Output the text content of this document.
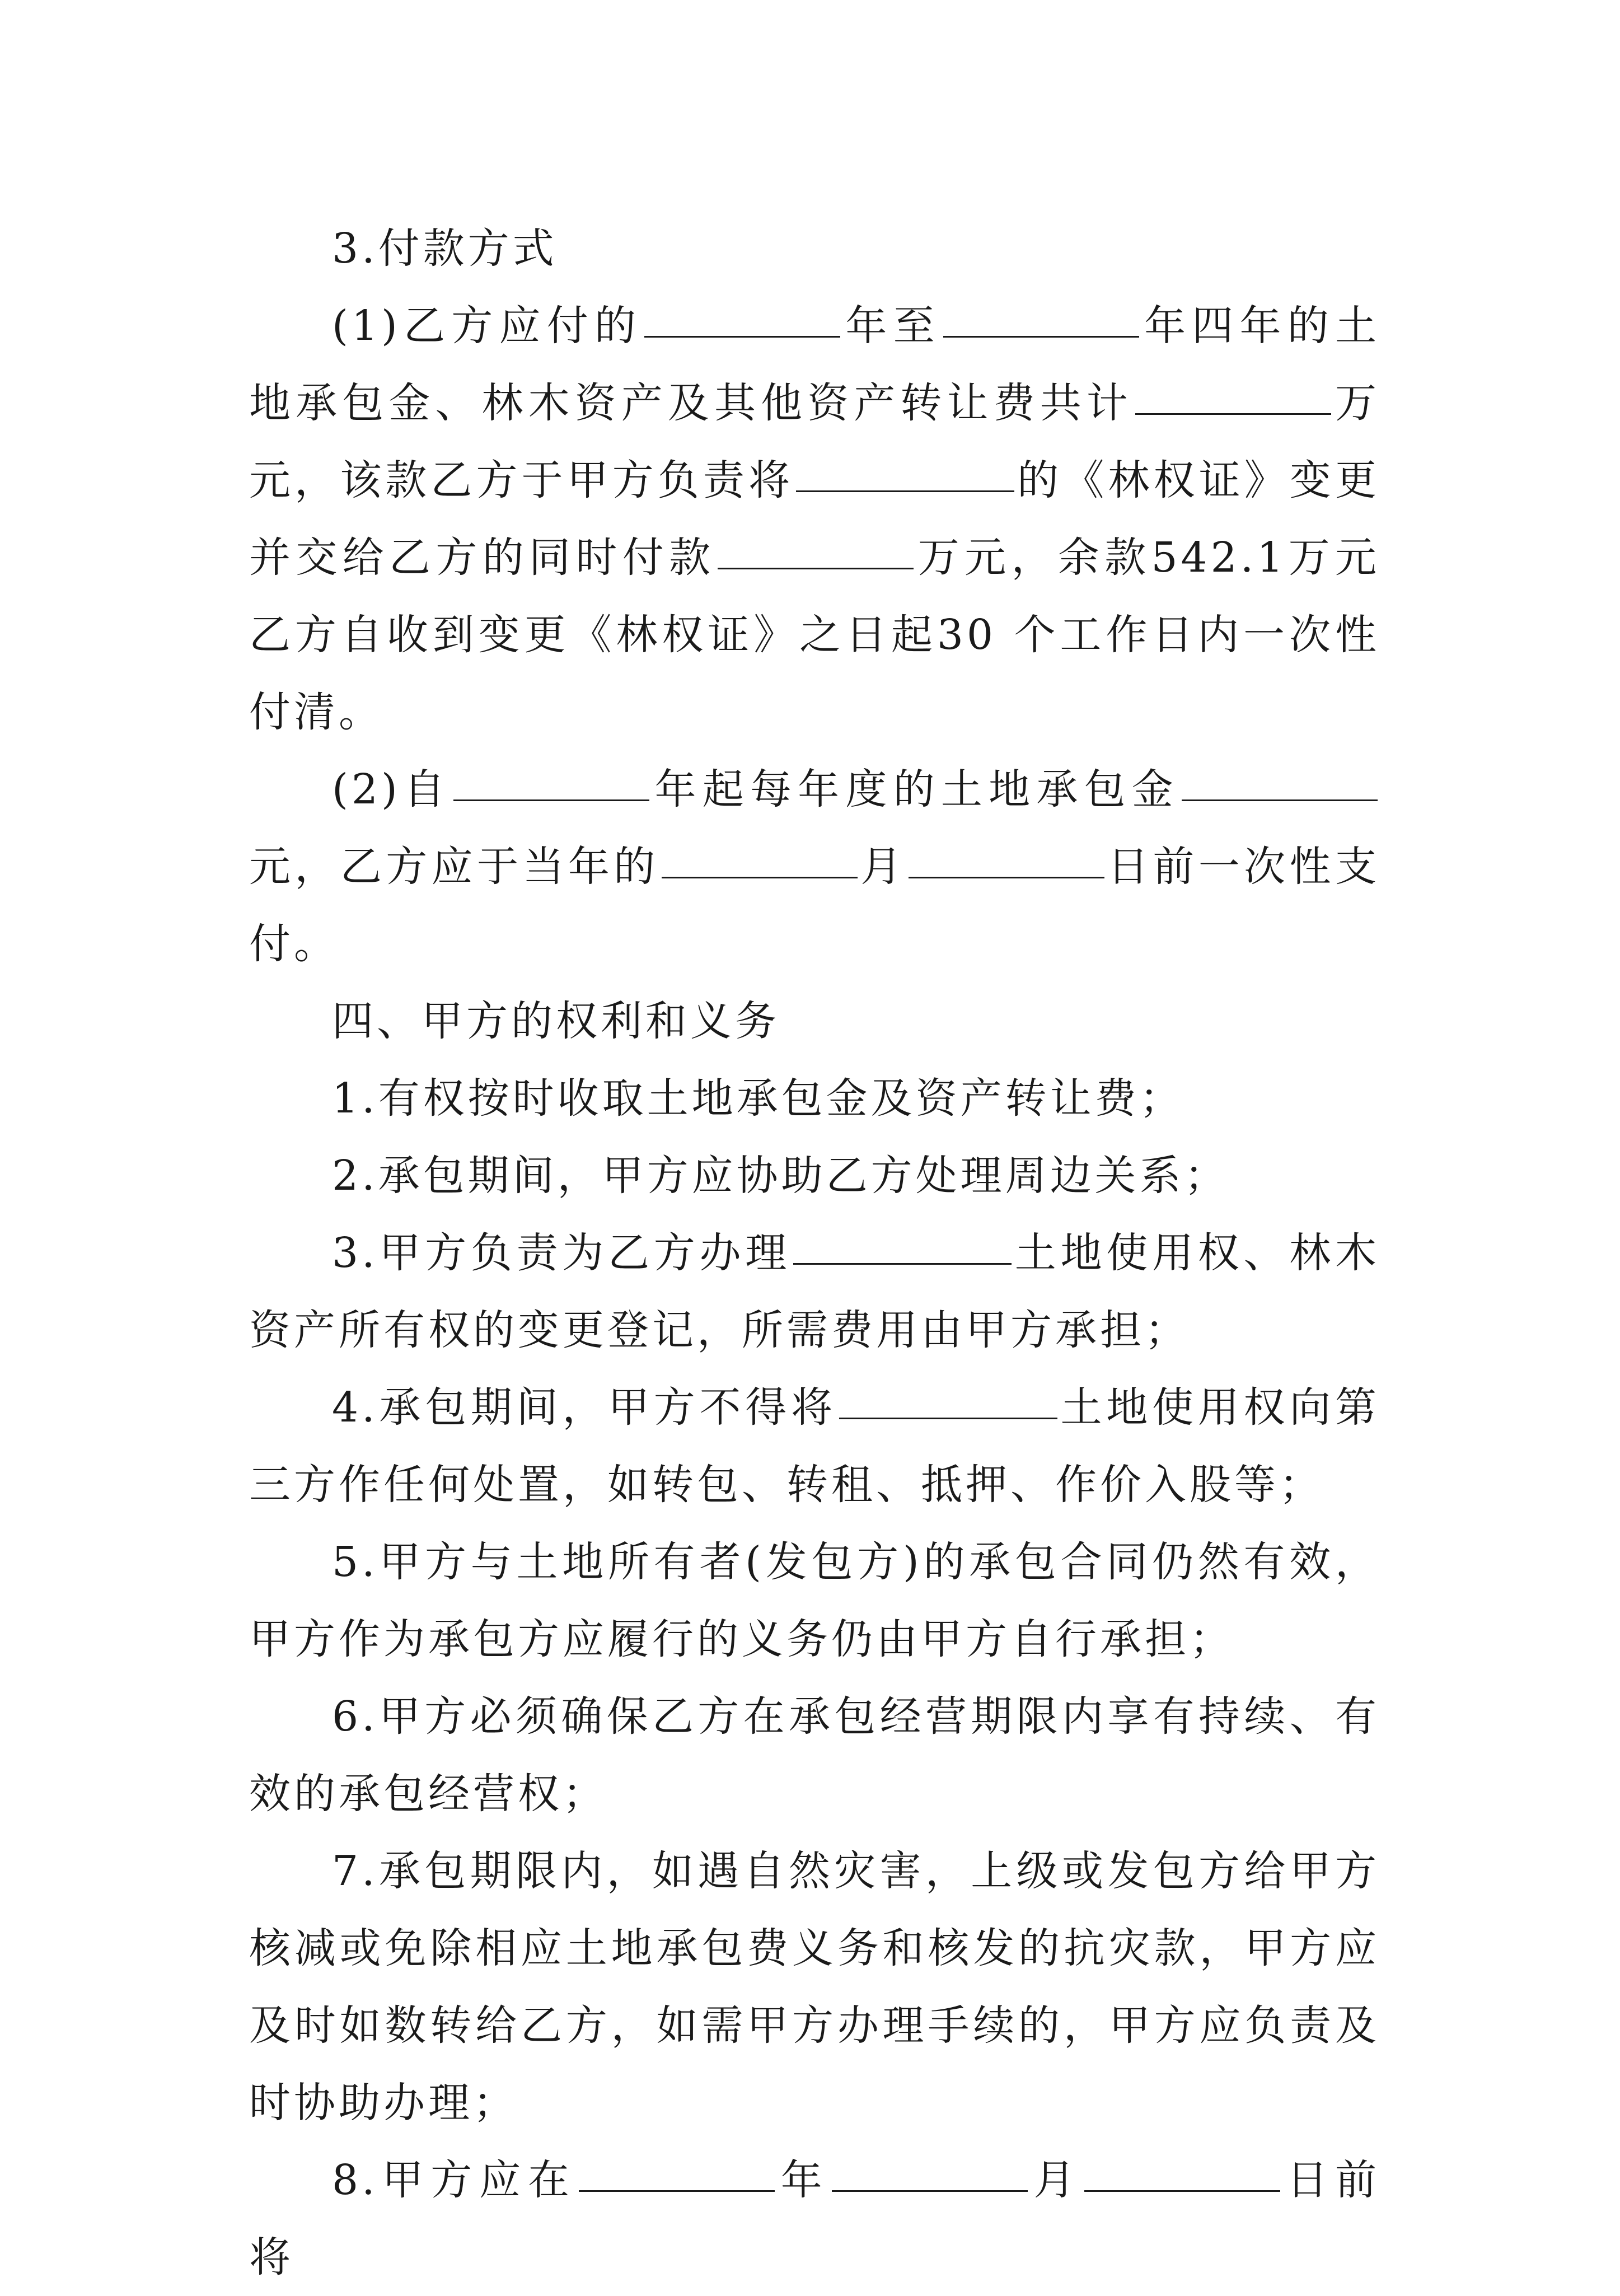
3.付款方式

(1)乙方应付的	年至	年四年的土地承包金、林木资产及其他资产转让费共计	万元，该款乙方于甲方负责将	的《林权证》变更并交给乙方的同时付款	万元，余款542.1万元乙方自收到变更《林权证》之日起30 个工作日内一次性付清。

(2)自	年起每年度的土地承包金元，乙方应于当年的	月	日前一次性支付。

四、甲方的权利和义务

1.有权按时收取土地承包金及资产转让费；

2.承包期间，甲方应协助乙方处理周边关系；

3.甲方负责为乙方办理	土地使用权、林木资产所有权的变更登记，所需费用由甲方承担；

4.承包期间，甲方不得将	土地使用权向第三方作任何处置，如转包、转租、抵押、作价入股等；

5.甲方与土地所有者(发包方)的承包合同仍然有效，甲方作为承包方应履行的义务仍由甲方自行承担；

6.甲方必须确保乙方在承包经营期限内享有持续、有效的承包经营权；

7.承包期限内，如遇自然灾害，上级或发包方给甲方核减或免除相应土地承包费义务和核发的抗灾款，甲方应及时如数转给乙方，如需甲方办理手续的，甲方应负责及时协助办理；

8.甲方应在	年	月	日前将
